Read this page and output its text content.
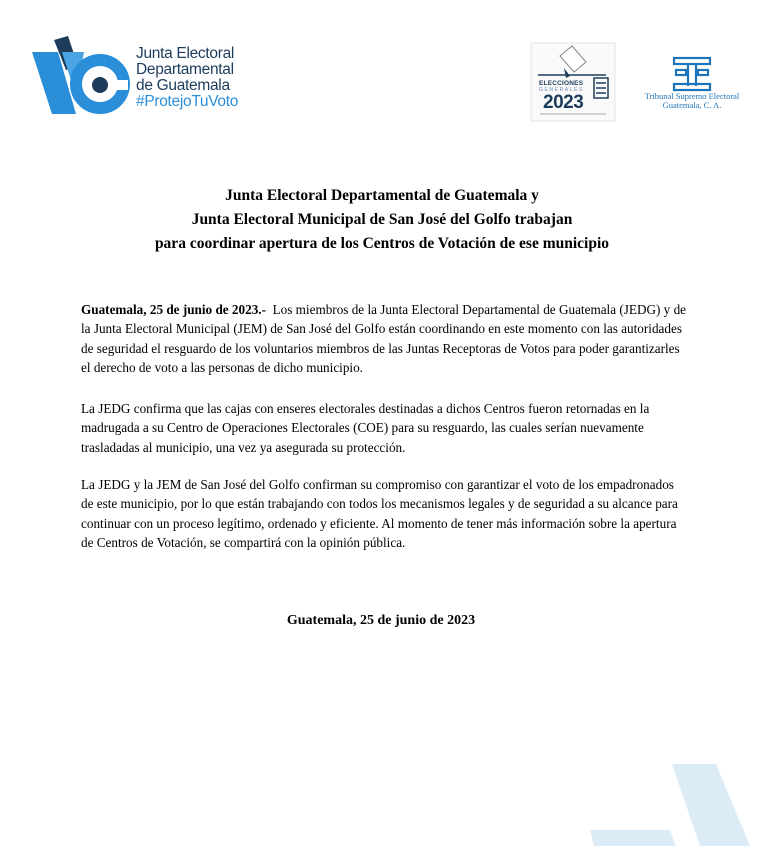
Junta Electoral
Departamental
de Guatemala
#ProtejoTuVoto
ELECCIONES
GENERALES
2023	Tribunal Supremo Electoral
Guatemala, C. A.
Junta Electoral Departamental de Guatemala y
Junta Electoral Municipal de San José del Golfo trabajan
para coordinar apertura de los Centros de Votación de ese municipio
Guatemala, 25 de junio de 2023.- Los miembros de la Junta Electoral Departamental de Guatemala (JEDG) y de la Junta Electoral Municipal (JEM) de San José del Golfo están coordinando en este momento con las autoridades de seguridad el resguardo de los voluntarios miembros de las Juntas Receptoras de Votos para poder garantizarles el derecho de voto a las personas de dicho municipio.
La JEDG confirma que las cajas con enseres electorales destinadas a dichos Centros fueron retornadas en la madrugada a su Centro de Operaciones Electorales (COE) para su resguardo, las cuales serían nuevamente trasladadas al municipio, una vez ya asegurada su protección.
La JEDG y la JEM de San José del Golfo confirman su compromiso con garantizar el voto de los empadronados de este municipio, por lo que están trabajando con todos los mecanismos legales y de seguridad a su alcance para continuar con un proceso legítimo, ordenado y eficiente. Al momento de tener más información sobre la apertura de Centros de Votación, se compartirá con la opinión pública.
Guatemala, 25 de junio de 2023
